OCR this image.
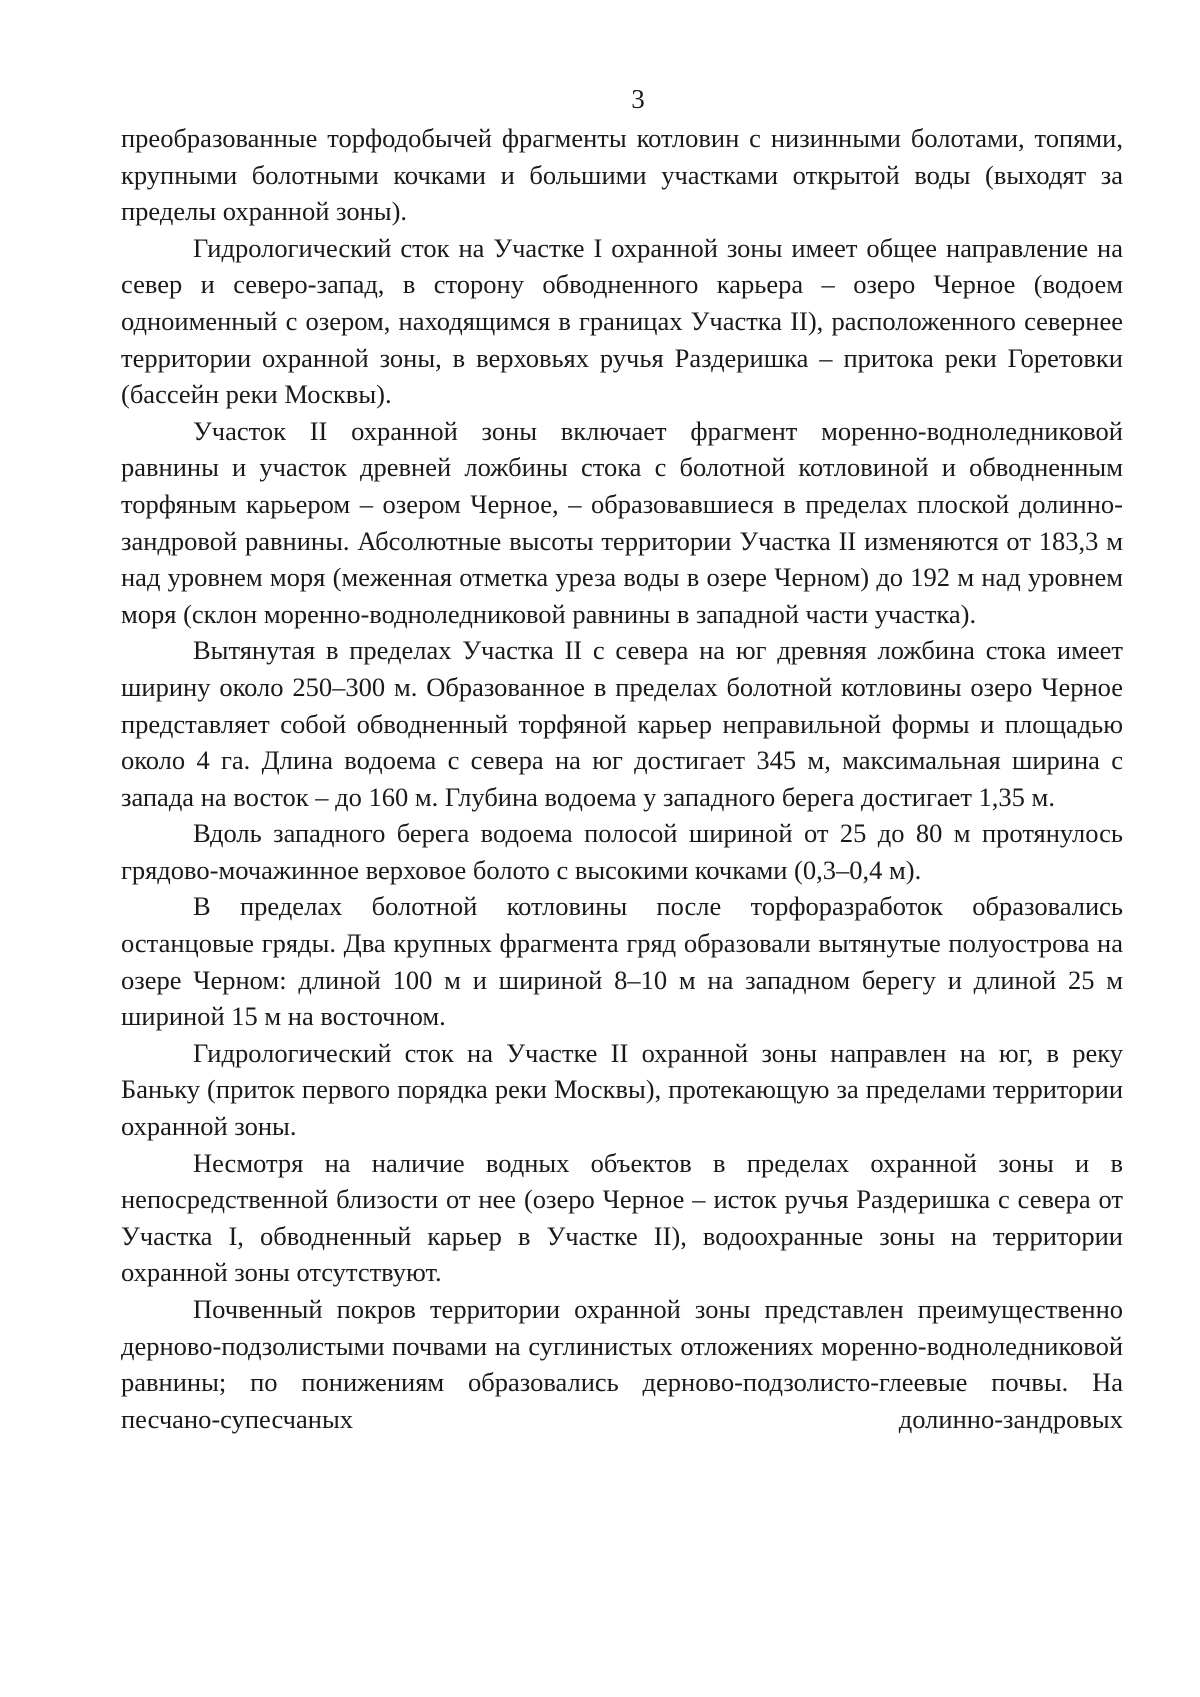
3

преобразованные торфодобычей фрагменты котловин с низинными болотами, топями, крупными болотными кочками и большими участками открытой воды (выходят за пределы охранной зоны).

Гидрологический сток на Участке I охранной зоны имеет общее направление на север и северо-запад, в сторону обводненного карьера – озеро Черное (водоем одноименный с озером, находящимся в границах Участка II), расположенного севернее территории охранной зоны, в верховьях ручья Раздеришка – притока реки Горетовки (бассейн реки Москвы).

Участок II охранной зоны включает фрагмент моренно-водноледниковой равнины и участок древней ложбины стока с болотной котловиной и обводненным торфяным карьером – озером Черное, – образовавшиеся в пределах плоской долинно-зандровой равнины. Абсолютные высоты территории Участка II изменяются от 183,3 м над уровнем моря (меженная отметка уреза воды в озере Черном) до 192 м над уровнем моря (склон моренно-водноледниковой равнины в западной части участка).

Вытянутая в пределах Участка II с севера на юг древняя ложбина стока имеет ширину около 250–300 м. Образованное в пределах болотной котловины озеро Черное представляет собой обводненный торфяной карьер неправильной формы и площадью около 4 га. Длина водоема с севера на юг достигает 345 м, максимальная ширина с запада на восток – до 160 м. Глубина водоема у западного берега достигает 1,35 м.

Вдоль западного берега водоема полосой шириной от 25 до 80 м протянулось грядово-мочажинное верховое болото с высокими кочками (0,3–0,4 м).

В пределах болотной котловины после торфоразработок образовались останцовые гряды. Два крупных фрагмента гряд образовали вытянутые полуострова на озере Черном: длиной 100 м и шириной 8–10 м на западном берегу и длиной 25 м шириной 15 м на восточном.

Гидрологический сток на Участке II охранной зоны направлен на юг, в реку Баньку (приток первого порядка реки Москвы), протекающую за пределами территории охранной зоны.

Несмотря на наличие водных объектов в пределах охранной зоны и в непосредственной близости от нее (озеро Черное – исток ручья Раздеришка с севера от Участка I, обводненный карьер в Участке II), водоохранные зоны на территории охранной зоны отсутствуют.

Почвенный покров территории охранной зоны представлен преимущественно дерново-подзолистыми почвами на суглинистых отложениях моренно-водноледниковой равнины; по понижениям образовались дерново-подзолисто-глеевые почвы. На песчано-супесчаных долинно-зандровых
